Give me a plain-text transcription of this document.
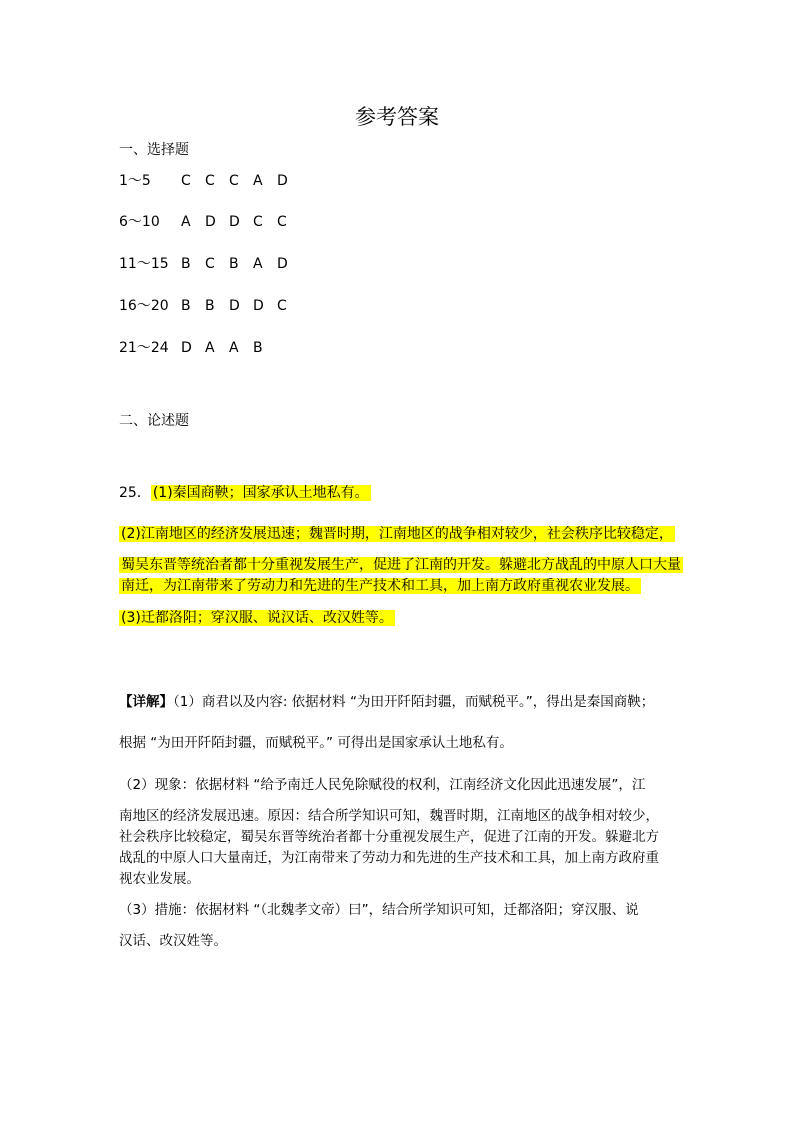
参考答案
一、选择题
1～5 C C C A D
6～10 A D D C C
11～15 B C B A D
16～20 B B D D C
21～24 D A A B
二、论述题
25． (1)秦国商鞅；国家承认土地私有。
(2)江南地区的经济发展迅速；魏晋时期，江南地区的战争相对较少，社会秩序比较稳定，
蜀吴东晋等统治者都十分重视发展生产，促进了江南的开发。躲避北方战乱的中原人口大量
南迁，为江南带来了劳动力和先进的生产技术和工具，加上南方政府重视农业发展。
(3)迁都洛阳；穿汉服、说汉话、改汉姓等。
【详解】（1）商君以及内容: 依据材料 “为田开阡陌封疆，而赋税平。”，得出是秦国商鞅；
根据 “为田开阡陌封疆，而赋税平。” 可得出是国家承认土地私有。
（2）现象：依据材料 “给予南迁人民免除赋役的权利，江南经济文化因此迅速发展”，江
南地区的经济发展迅速。原因：结合所学知识可知，魏晋时期，江南地区的战争相对较少，
社会秩序比较稳定，蜀吴东晋等统治者都十分重视发展生产，促进了江南的开发。躲避北方
战乱的中原人口大量南迁，为江南带来了劳动力和先进的生产技术和工具，加上南方政府重
视农业发展。
（3）措施：依据材料 “（北魏孝文帝）曰”，结合所学知识可知，迁都洛阳；穿汉服、说
汉话、改汉姓等。
